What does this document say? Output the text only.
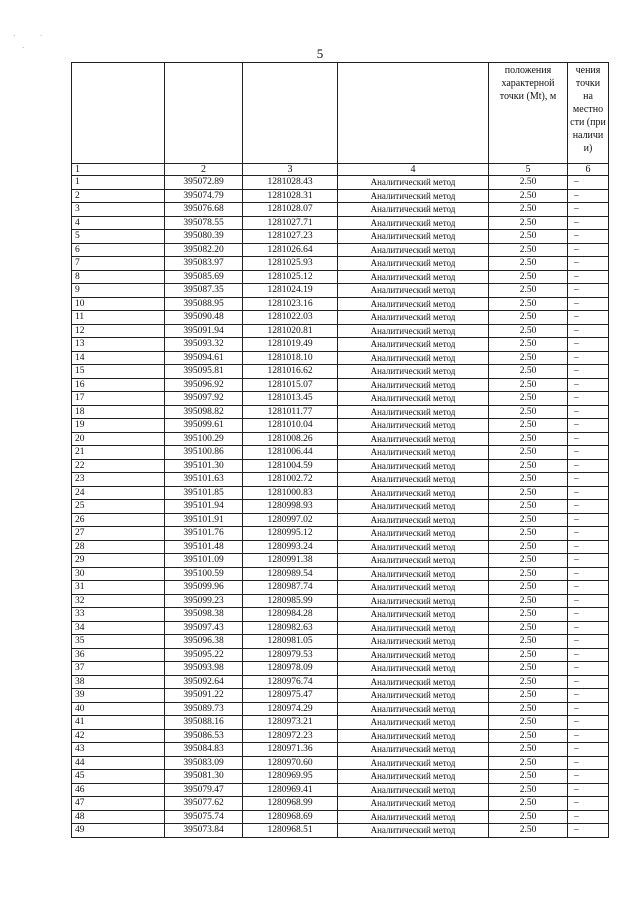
·	·
·	5
				положения характерной точки (Mt), м	чения точки на местно сти (при наличи и)
1	2	3	4	5	6
1	395072.89	1281028.43	Аналитический метод	2.50	–
2	395074.79	1281028.31	Аналитический метод	2.50	–
3	395076.68	1281028.07	Аналитический метод	2.50	–
4	395078.55	1281027.71	Аналитический метод	2.50	–
5	395080.39	1281027.23	Аналитический метод	2.50	–
6	395082.20	1281026.64	Аналитический метод	2.50	–
7	395083.97	1281025.93	Аналитический метод	2.50	–
8	395085.69	1281025.12	Аналитический метод	2.50	–
9	395087.35	1281024.19	Аналитический метод	2.50	–
10	395088.95	1281023.16	Аналитический метод	2.50	–
11	395090.48	1281022.03	Аналитический метод	2.50	–
12	395091.94	1281020.81	Аналитический метод	2.50	–
13	395093.32	1281019.49	Аналитический метод	2.50	–
14	395094.61	1281018.10	Аналитический метод	2.50	–
15	395095.81	1281016.62	Аналитический метод	2.50	–
16	395096.92	1281015.07	Аналитический метод	2.50	–
17	395097.92	1281013.45	Аналитический метод	2.50	–
18	395098.82	1281011.77	Аналитический метод	2.50	–
19	395099.61	1281010.04	Аналитический метод	2.50	–
20	395100.29	1281008.26	Аналитический метод	2.50	–
21	395100.86	1281006.44	Аналитический метод	2.50	–
22	395101.30	1281004.59	Аналитический метод	2.50	–
23	395101.63	1281002.72	Аналитический метод	2.50	–
24	395101.85	1281000.83	Аналитический метод	2.50	–
25	395101.94	1280998.93	Аналитический метод	2.50	–
26	395101.91	1280997.02	Аналитический метод	2.50	–
27	395101.76	1280995.12	Аналитический метод	2.50	–
28	395101.48	1280993.24	Аналитический метод	2.50	–
29	395101.09	1280991.38	Аналитический метод	2.50	–
30	395100.59	1280989.54	Аналитический метод	2.50	–
31	395099.96	1280987.74	Аналитический метод	2.50	–
32	395099.23	1280985.99	Аналитический метод	2.50	–
33	395098.38	1280984.28	Аналитический метод	2.50	–
34	395097.43	1280982.63	Аналитический метод	2.50	–
35	395096.38	1280981.05	Аналитический метод	2.50	–
36	395095.22	1280979.53	Аналитический метод	2.50	–
37	395093.98	1280978.09	Аналитический метод	2.50	–
38	395092.64	1280976.74	Аналитический метод	2.50	–
39	395091.22	1280975.47	Аналитический метод	2.50	–
40	395089.73	1280974.29	Аналитический метод	2.50	–
41	395088.16	1280973.21	Аналитический метод	2.50	–
42	395086.53	1280972.23	Аналитический метод	2.50	–
43	395084.83	1280971.36	Аналитический метод	2.50	–
44	395083.09	1280970.60	Аналитический метод	2.50	–
45	395081.30	1280969.95	Аналитический метод	2.50	–
46	395079.47	1280969.41	Аналитический метод	2.50	–
47	395077.62	1280968.99	Аналитический метод	2.50	–
48	395075.74	1280968.69	Аналитический метод	2.50	–
49	395073.84	1280968.51	Аналитический метод	2.50	–
